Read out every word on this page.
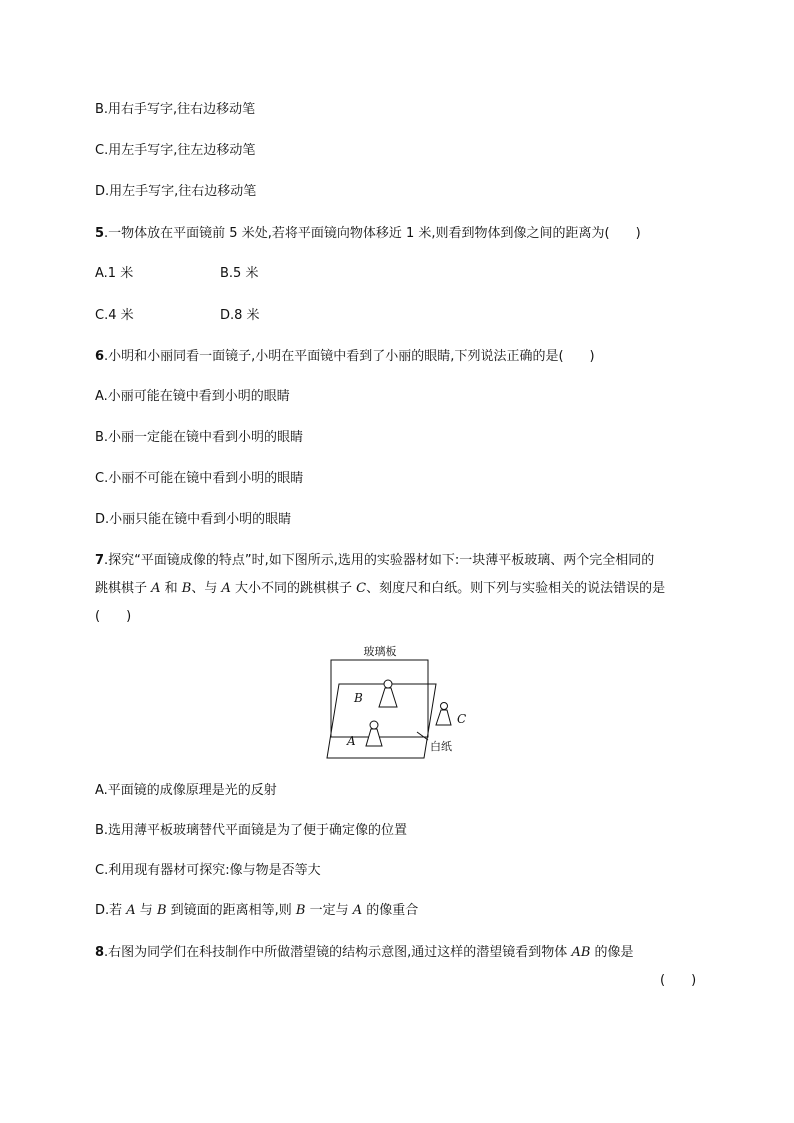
B.用右手写字,往右边移动笔
C.用左手写字,往左边移动笔
D.用左手写字,往右边移动笔
5.一物体放在平面镜前 5 米处,若将平面镜向物体移近 1 米,则看到物体到像之间的距离为(　　)
A.1 米	B.5 米
C.4 米	D.8 米
6.小明和小丽同看一面镜子,小明在平面镜中看到了小丽的眼睛,下列说法正确的是(　　)
A.小丽可能在镜中看到小明的眼睛
B.小丽一定能在镜中看到小明的眼睛
C.小丽不可能在镜中看到小明的眼睛
D.小丽只能在镜中看到小明的眼睛
7.探究“平面镜成像的特点”时,如下图所示,选用的实验器材如下:一块薄平板玻璃、两个完全相同的
跳棋棋子 A 和 B、与 A 大小不同的跳棋棋子 C、刻度尺和白纸。则下列与实验相关的说法错误的是
(　　)
玻璃板
白纸
B
A
C
A.平面镜的成像原理是光的反射
B.选用薄平板玻璃替代平面镜是为了便于确定像的位置
C.利用现有器材可探究:像与物是否等大
D.若 A 与 B 到镜面的距离相等,则 B 一定与 A 的像重合
8.右图为同学们在科技制作中所做潜望镜的结构示意图,通过这样的潜望镜看到物体 AB 的像是
(　　)
